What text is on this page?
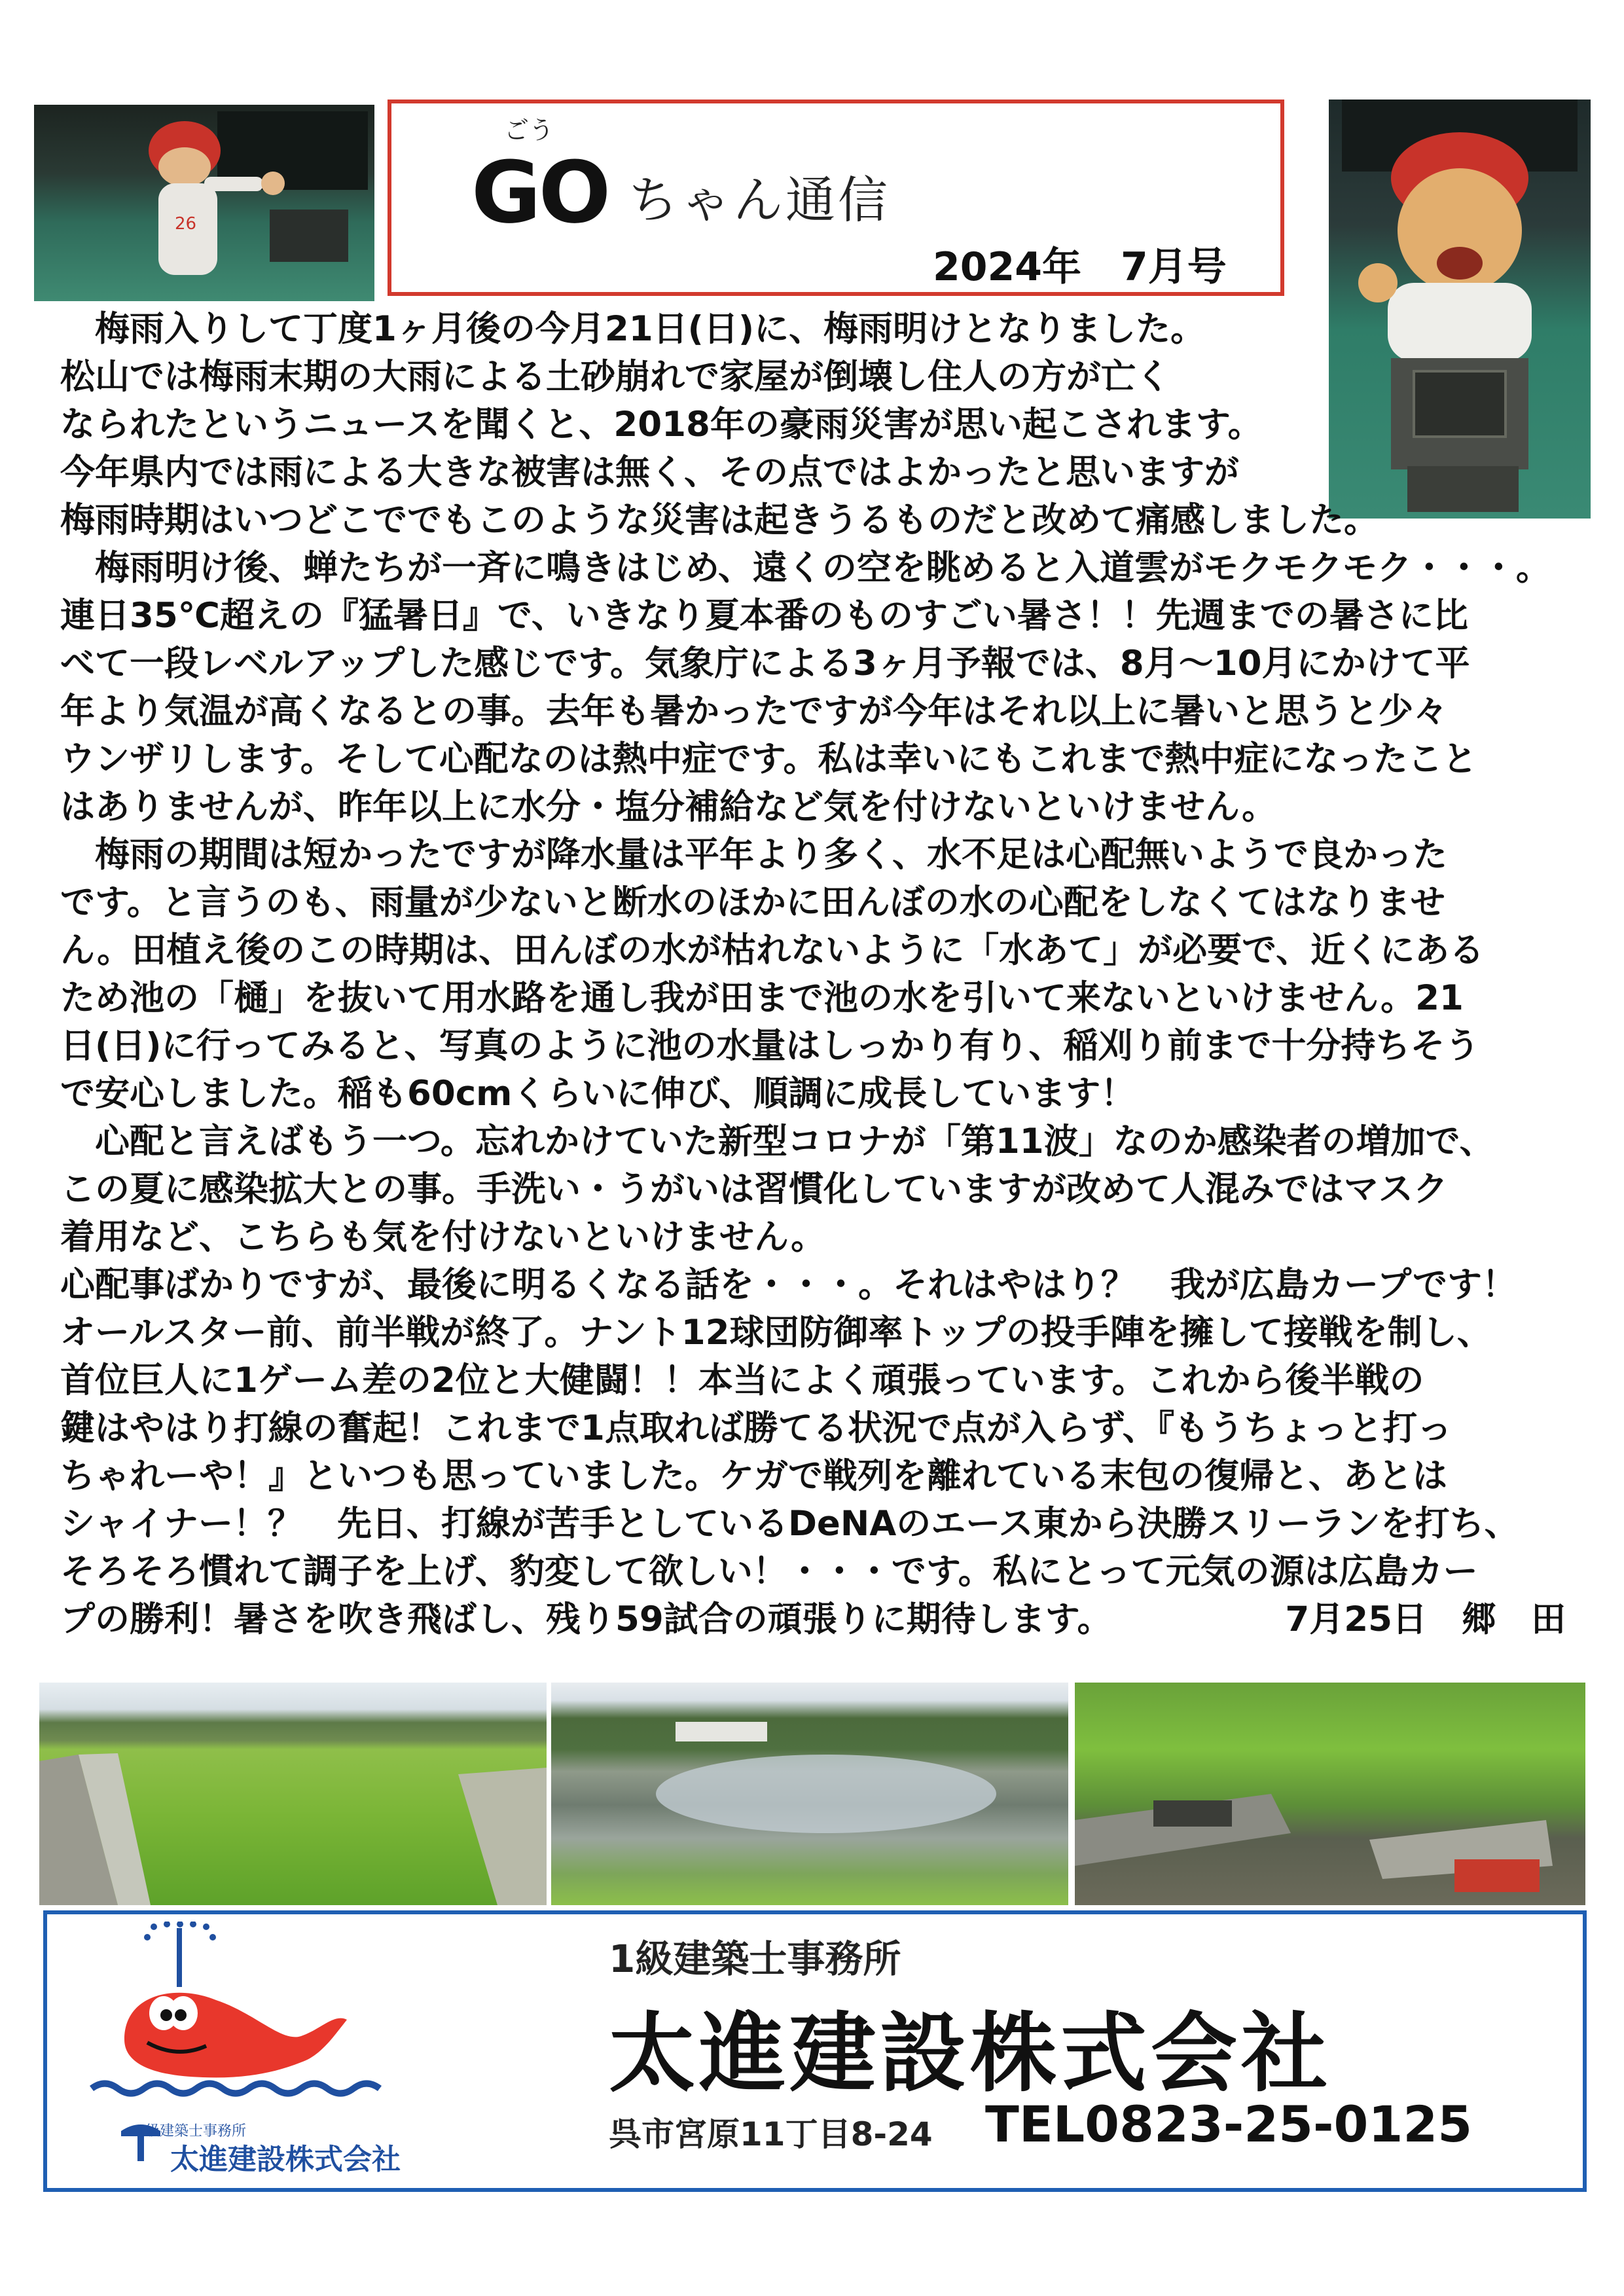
26
ごう
GO ちゃん通信
2024年　7月号
　梅雨入りして丁度1ヶ月後の今月21日(日)に、梅雨明けとなりました。
松山では梅雨末期の大雨による土砂崩れで家屋が倒壊し住人の方が亡く
なられたというニュースを聞くと、2018年の豪雨災害が思い起こされます。
今年県内では雨による大きな被害は無く、その点ではよかったと思いますが
梅雨時期はいつどこででもこのような災害は起きうるものだと改めて痛感しました。
　梅雨明け後、蝉たちが一斉に鳴きはじめ、遠くの空を眺めると入道雲がモクモクモク・・・。
連日35℃超えの『猛暑日』で、いきなり夏本番のものすごい暑さ！！先週までの暑さに比
べて一段レベルアップした感じです。気象庁による3ヶ月予報では、8月～10月にかけて平
年より気温が高くなるとの事。去年も暑かったですが今年はそれ以上に暑いと思うと少々
ウンザリします。そして心配なのは熱中症です。私は幸いにもこれまで熱中症になったこと
はありませんが、昨年以上に水分・塩分補給など気を付けないといけません。
　梅雨の期間は短かったですが降水量は平年より多く、水不足は心配無いようで良かった
です。と言うのも、雨量が少ないと断水のほかに田んぼの水の心配をしなくてはなりませ
ん。田植え後のこの時期は、田んぼの水が枯れないように「水あて」が必要で、近くにある
ため池の「樋」を抜いて用水路を通し我が田まで池の水を引いて来ないといけません。21
日(日)に行ってみると、写真のように池の水量はしっかり有り、稲刈り前まで十分持ちそう
で安心しました。稲も60cmくらいに伸び、順調に成長しています！
　心配と言えばもう一つ。忘れかけていた新型コロナが「第11波」なのか感染者の増加で、
この夏に感染拡大との事。手洗い・うがいは習慣化していますが改めて人混みではマスク
着用など、こちらも気を付けないといけません。
心配事ばかりですが、最後に明るくなる話を・・・。それはやはり？　我が広島カープです！
オールスター前、前半戦が終了。ナント12球団防御率トップの投手陣を擁して接戦を制し、
首位巨人に1ゲーム差の2位と大健闘！！本当によく頑張っています。これから後半戦の
鍵はやはり打線の奮起！これまで1点取れば勝てる状況で点が入らず、『もうちょっと打っ
ちゃれーや！』といつも思っていました。ケガで戦列を離れている末包の復帰と、あとは
シャイナー！？　先日、打線が苦手としているDeNAのエース東から決勝スリーランを打ち、
そろそろ慣れて調子を上げ、豹変して欲しい！・・・です。私にとって元気の源は広島カー
プの勝利！暑さを吹き飛ばし、残り59試合の頑張りに期待します。	7月25日　郷　田
1級建築士事務所
太進建設株式会社
1級建築士事務所
太進建設株式会社
呉市宮原11丁目8-24 TEL0823-25-0125
